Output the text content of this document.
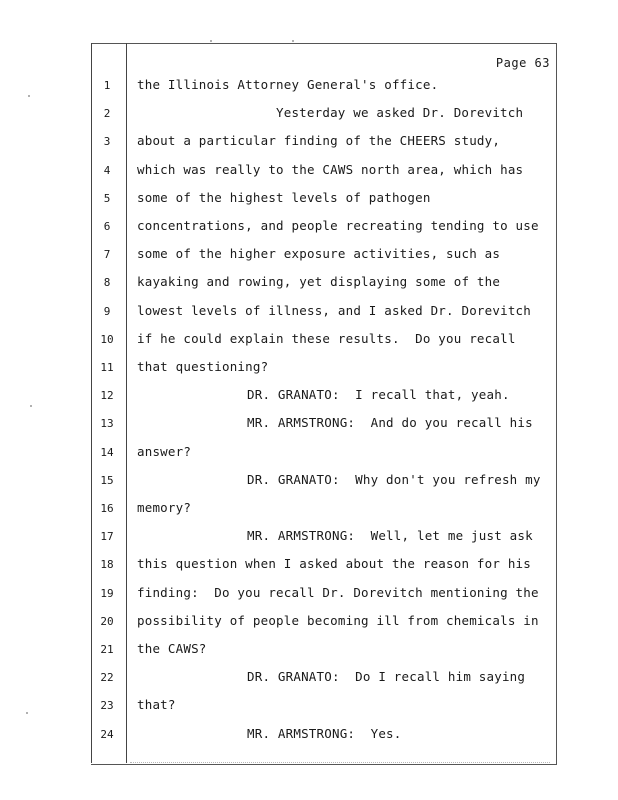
Page 63
1	the Illinois Attorney General's office.
2	Yesterday we asked Dr. Dorevitch
3	about a particular finding of the CHEERS study,
4	which was really to the CAWS north area, which has
5	some of the highest levels of pathogen
6	concentrations, and people recreating tending to use
7	some of the higher exposure activities, such as
8	kayaking and rowing, yet displaying some of the
9	lowest levels of illness, and I asked Dr. Dorevitch
10	if he could explain these results.  Do you recall
11	that questioning?
12	DR. GRANATO:  I recall that, yeah.
13	MR. ARMSTRONG:  And do you recall his
14	answer?
15	DR. GRANATO:  Why don't you refresh my
16	memory?
17	MR. ARMSTRONG:  Well, let me just ask
18	this question when I asked about the reason for his
19	finding:  Do you recall Dr. Dorevitch mentioning the
20	possibility of people becoming ill from chemicals in
21	the CAWS?
22	DR. GRANATO:  Do I recall him saying
23	that?
24	MR. ARMSTRONG:  Yes.
